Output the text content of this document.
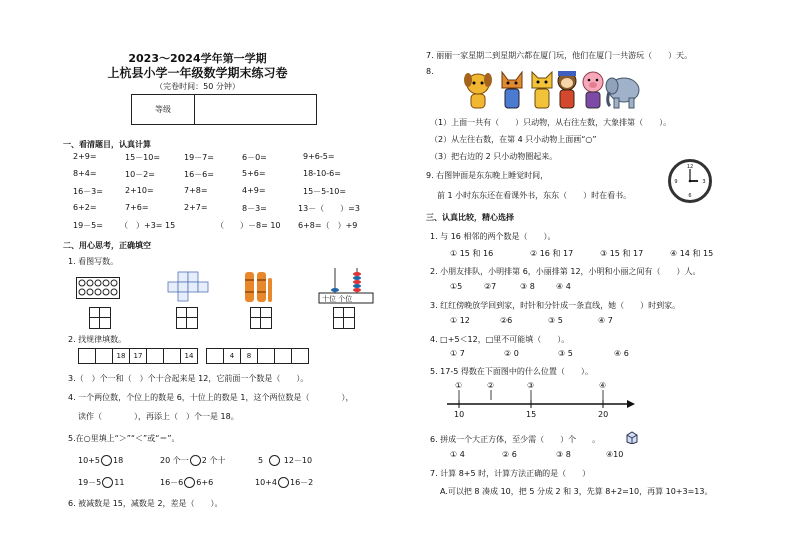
2023～2024学年第一学期
上杭县小学一年级数学期末练习卷
（完卷时间：50 分钟）
等级	
一、看清题目，认真计算
2+9=	15－10=	19－7=	6－0=	9+6-5=
8+4=	10－2=	16－6=	5+6=	18-10-6=
16－3=	2+10=	7+8=	4+9=	15－5-10=
6+2=	7+6=	2+7=	8－3=	13－（　　）=3
19－5= （　）+3= 15	（　　）－8= 10 6+8=（　）+9
二、用心思考，正确填空
1. 看图写数。
十位 个位
2. 找规律填数。
18	17	14	4	8
3.（　）个一和（　）个十合起来是 12，它前面一个数是（　　）。
4. 一个两位数，个位上的数是 6，十位上的数是 1，这个两位数是（　　　　），
读作（　　　　），再添上（　）个一是 18。
5.在○里填上“＞”“＜”或“＝”。
10+5 18	20 个一 2 个十	5	12－10
19－5 11	16－6 6+6	10+4 16－2
6. 被减数是 15，减数是 2，差是（　　）。
7. 丽丽一家星期二到星期六都在厦门玩，他们在厦门一共游玩（　　）天。
8.
（1）上面一共有（　　）只动物，从右往左数，大象排第（　　）。
（2）从左往右数，在第 4 只小动物上面画“○”
（3）把右边的 2 只小动物圈起来。
9. 右图钟面是东东晚上睡觉时间，
前 1 小时东东还在看课外书，东东（　　）时在看书。
12
3
6
9
三、认真比较，精心选择
1. 与 16 相邻的两个数是（　　）。
① 15 和 16	② 16 和 17	③ 15 和 17	④ 14 和 15
2. 小朋友排队，小明排第 6，小丽排第 12，小明和小丽之间有（　　）人。
①5	②7	③ 8	④ 4
3. 红红傍晚放学回到家，时针和分针成一条直线，她（　　）时到家。
① 12	②6	③ 5	④ 7
4. □+5＜12，□里不可能填（　　）。
① 7	② 0	③ 5	④ 6
5. 17-5 得数在下面图中的什么位置（　　）。
①	②	③	④
10	15	20
6. 拼成一个大正方体，至少需（　　）个　　。
① 4	② 6	③ 8	④10
7. 计算 8+5 时，计算方法正确的是（　　）
A.可以把 8 凑成 10，把 5 分成 2 和 3，先算 8+2=10，再算 10+3=13。
